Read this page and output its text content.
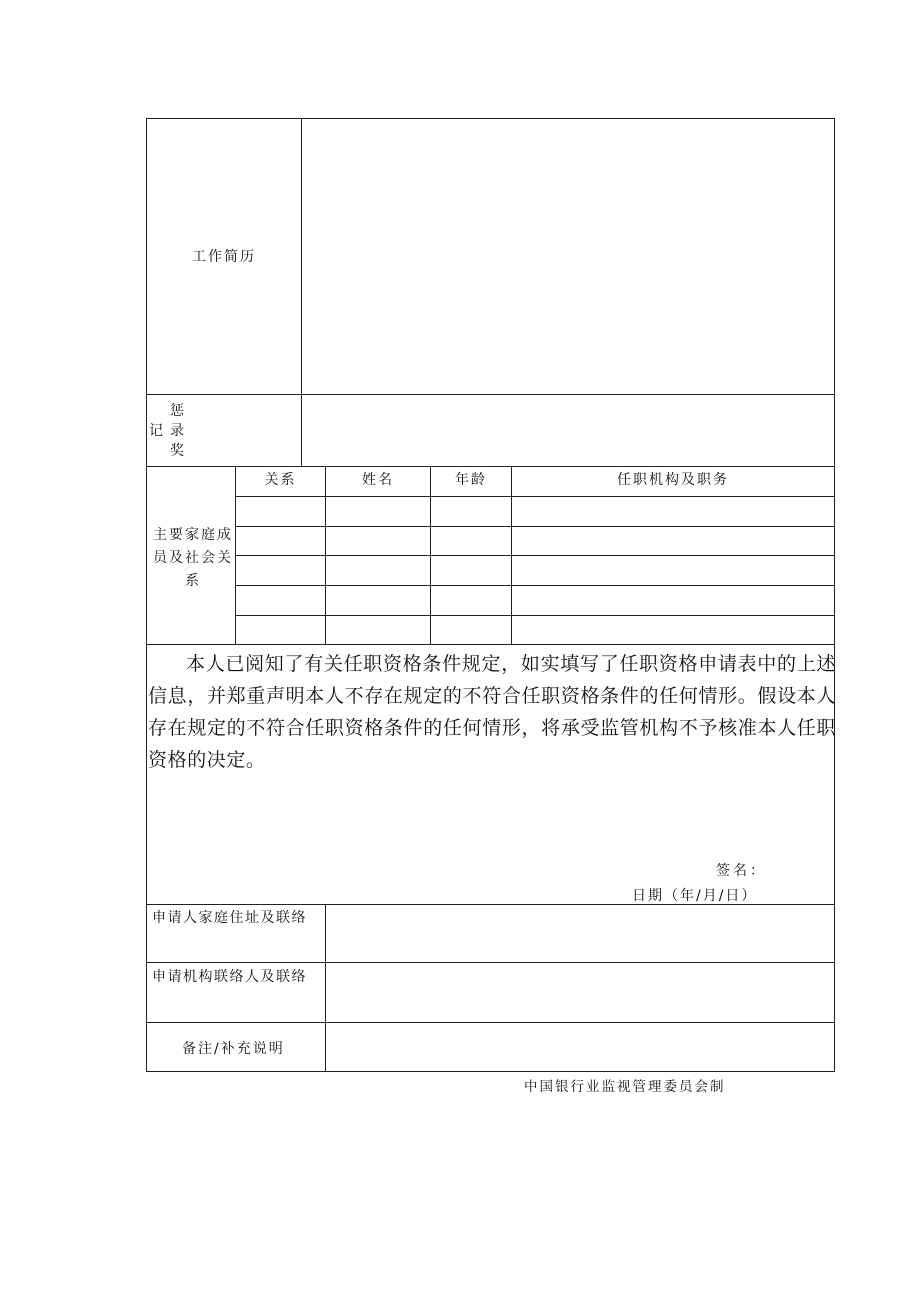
工作简历
惩
记 录
奖
主要家庭成员及社会关系
关系	姓名	年龄	任职机构及职务
本人已阅知了有关任职资格条件规定，如实填写了任职资格申请表中的上述信息，并郑重声明本人不存在规定的不符合任职资格条件的任何情形。假设本人存在规定的不符合任职资格条件的任何情形，将承受监管机构不予核准本人任职资格的决定。
签名：
日期（年/月/日）
申请人家庭住址及联络
申请机构联络人及联络
备注/补充说明
中国银行业监视管理委员会制
